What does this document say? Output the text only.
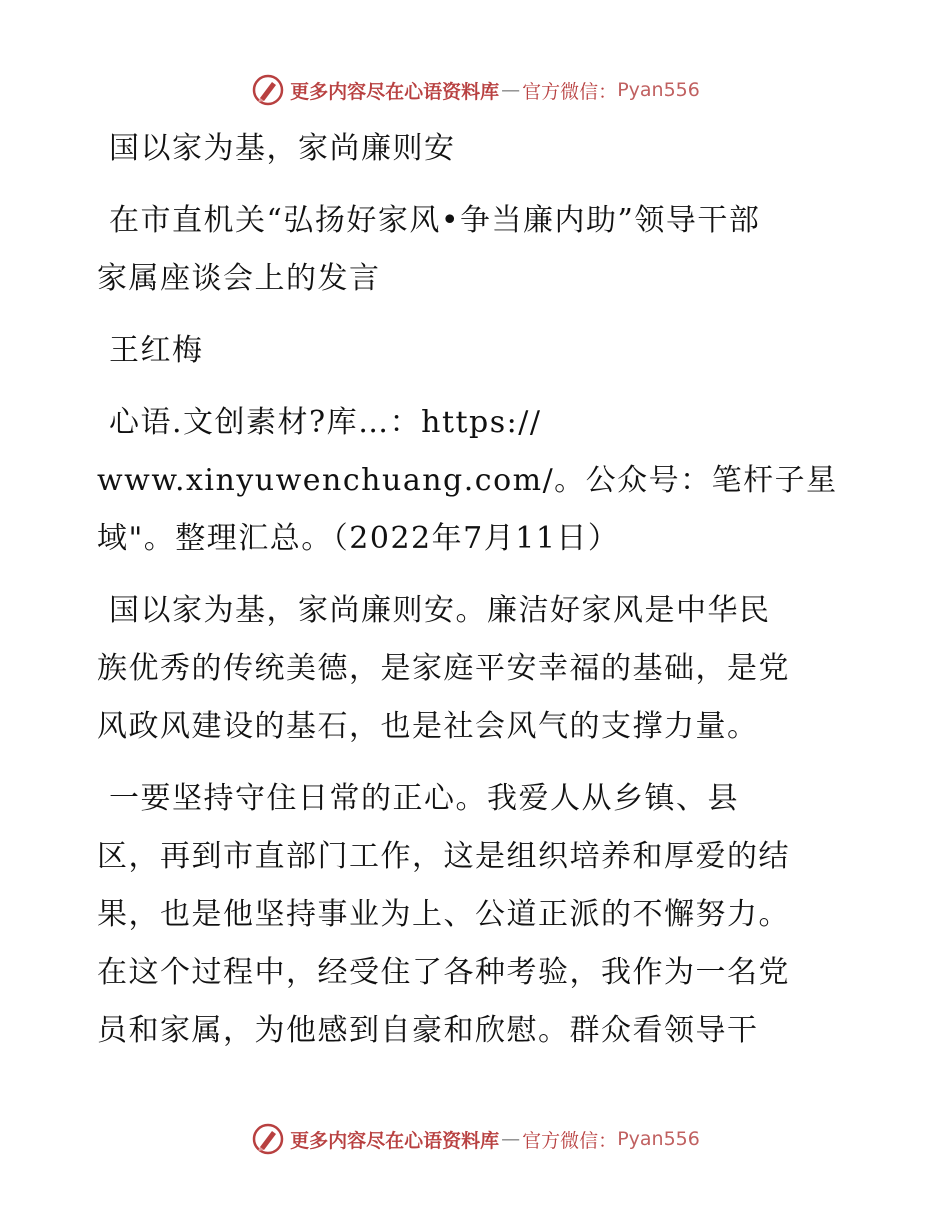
更多内容尽在心语资料库 — 官方微信： Pyan556
国以家为基，家尚廉则安
在市直机关“弘扬好家风•争当廉内助”领导干部
家属座谈会上的发言
王红梅
心语.文创素材?库…：https://
www.xinyuwenchuang.com/。公众号：笔杆子星
域"。整理汇总。（2022年7月11日）
国以家为基，家尚廉则安。廉洁好家风是中华民
族优秀的传统美德，是家庭平安幸福的基础，是党
风政风建设的基石，也是社会风气的支撑力量。
一要坚持守住日常的正心。我爱人从乡镇、县
区，再到市直部门工作，这是组织培养和厚爱的结
果，也是他坚持事业为上、公道正派的不懈努力。
在这个过程中，经受住了各种考验，我作为一名党
员和家属，为他感到自豪和欣慰。群众看领导干
更多内容尽在心语资料库 — 官方微信： Pyan556
